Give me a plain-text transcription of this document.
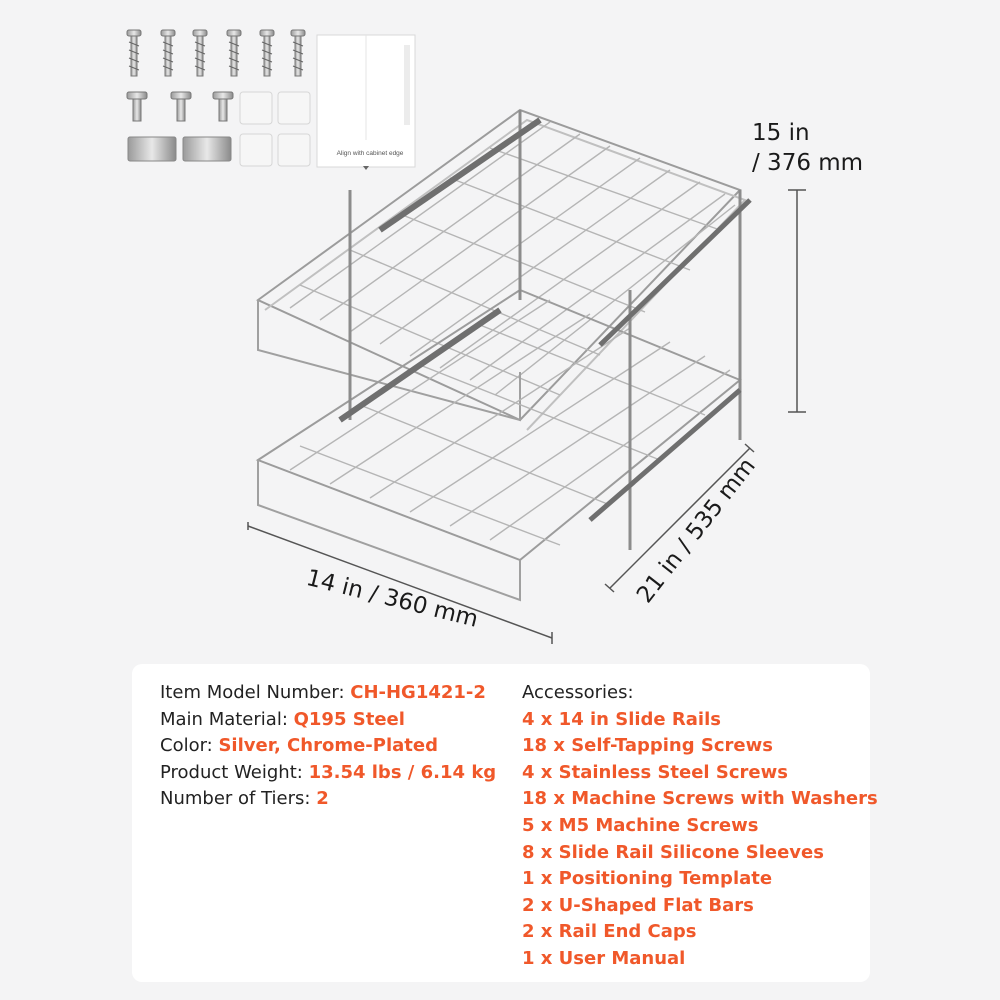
Align with cabinet edge
15 in
/ 376 mm
14 in / 360 mm	21 in / 535 mm
Item Model Number: CH-HG1421-2
Main Material: Q195 Steel
Color: Silver, Chrome-Plated
Product Weight: 13.54 lbs / 6.14 kg
Number of Tiers: 2
Accessories:
4 x 14 in Slide Rails
18 x Self-Tapping Screws
4 x Stainless Steel Screws
18 x Machine Screws with Washers
5 x M5 Machine Screws
8 x Slide Rail Silicone Sleeves
1 x Positioning Template
2 x U-Shaped Flat Bars
2 x Rail End Caps
1 x User Manual
